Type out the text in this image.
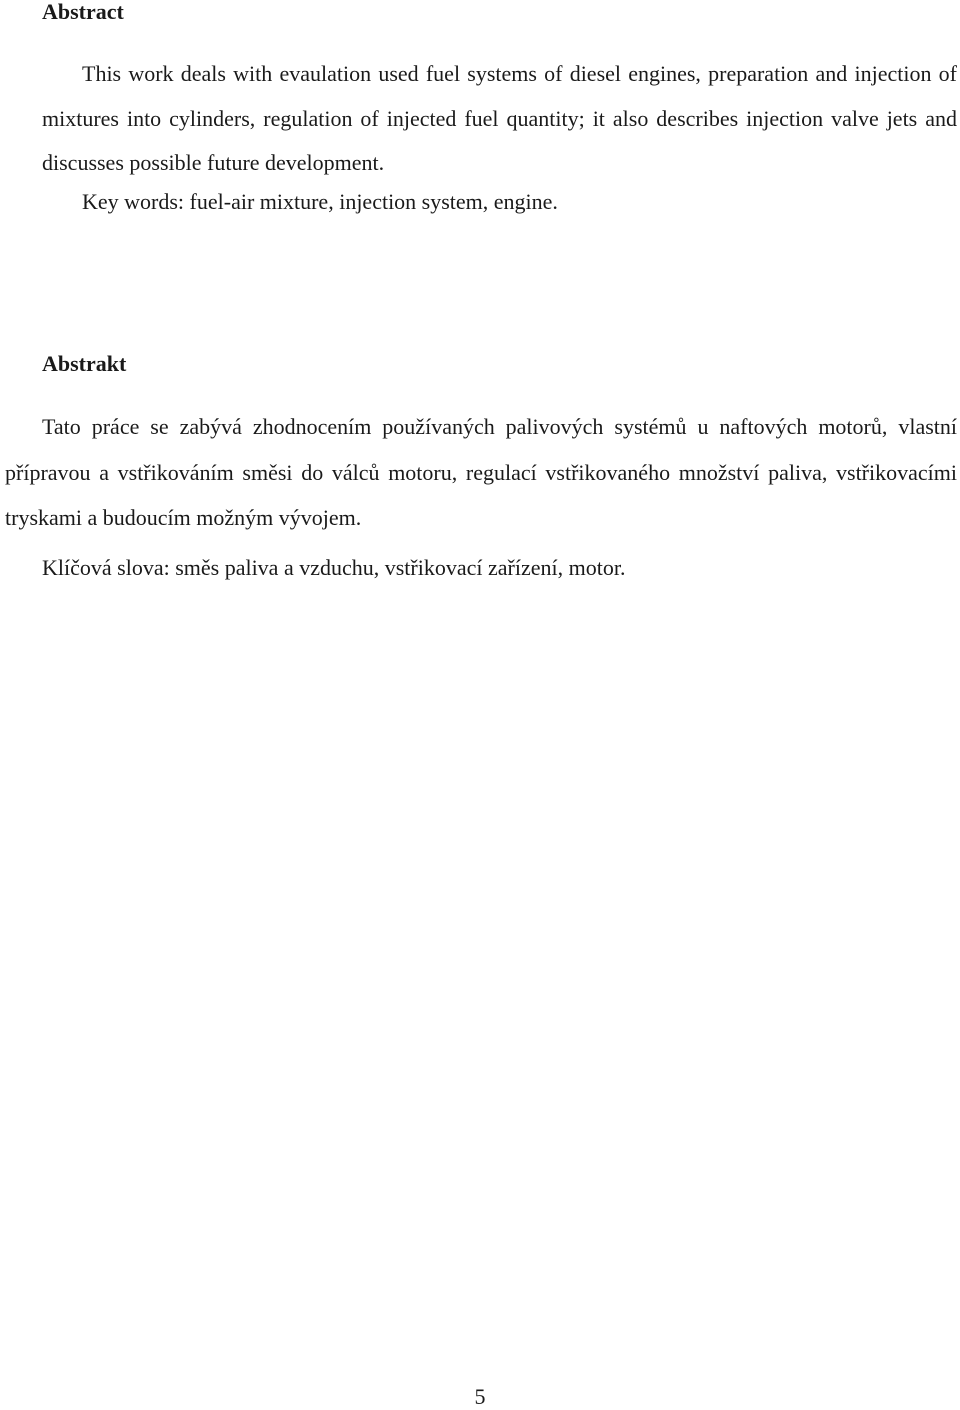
Abstract

This work deals with evaulation used fuel systems of diesel engines, preparation and injection of mixtures into cylinders, regulation of injected fuel quantity; it also describes injection valve jets and discusses possible future development.

Key words: fuel-air mixture, injection system, engine.

Abstrakt

Tato práce se zabývá zhodnocením používaných palivových systémů u naftových motorů, vlastní přípravou a vstřikováním směsi do válců motoru, regulací vstřikovaného množství paliva, vstřikovacími tryskami a budoucím možným vývojem.

Klíčová slova: směs paliva a vzduchu, vstřikovací zařízení, motor.

5
